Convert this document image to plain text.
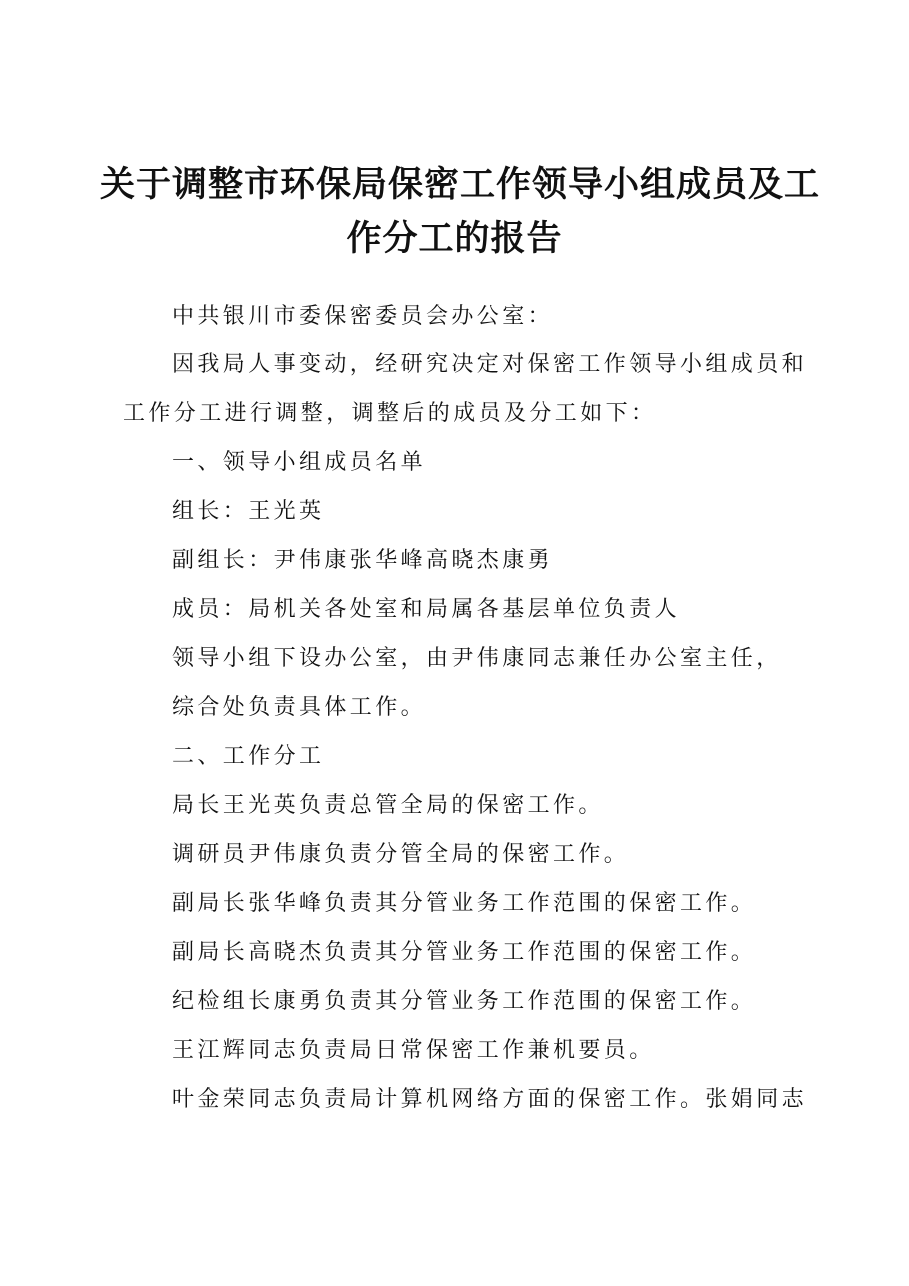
关于调整市环保局保密工作领导小组成员及工
作分工的报告
中共银川市委保密委员会办公室：
因我局人事变动，经研究决定对保密工作领导小组成员和
工作分工进行调整，调整后的成员及分工如下：
一、领导小组成员名单
组长：王光英
副组长：尹伟康张华峰高晓杰康勇
成员：局机关各处室和局属各基层单位负责人
领导小组下设办公室，由尹伟康同志兼任办公室主任，
综合处负责具体工作。
二、工作分工
局长王光英负责总管全局的保密工作。
调研员尹伟康负责分管全局的保密工作。
副局长张华峰负责其分管业务工作范围的保密工作。
副局长高晓杰负责其分管业务工作范围的保密工作。
纪检组长康勇负责其分管业务工作范围的保密工作。
王江辉同志负责局日常保密工作兼机要员。
叶金荣同志负责局计算机网络方面的保密工作。张娟同志
